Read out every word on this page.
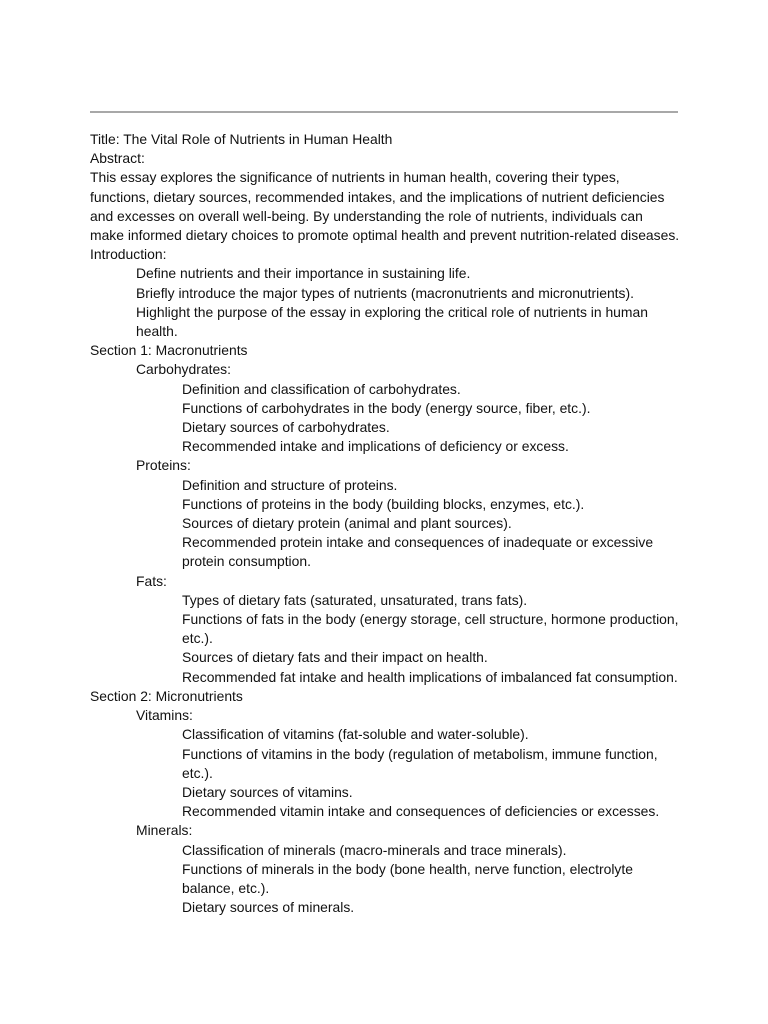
Title: The Vital Role of Nutrients in Human Health

Abstract:

This essay explores the significance of nutrients in human health, covering their types, functions, dietary sources, recommended intakes, and the implications of nutrient deficiencies and excesses on overall well-being. By understanding the role of nutrients, individuals can make informed dietary choices to promote optimal health and prevent nutrition-related diseases.

Introduction:

Define nutrients and their importance in sustaining life.

Briefly introduce the major types of nutrients (macronutrients and micronutrients).

Highlight the purpose of the essay in exploring the critical role of nutrients in human health.

Section 1: Macronutrients

Carbohydrates:

Definition and classification of carbohydrates.

Functions of carbohydrates in the body (energy source, fiber, etc.).

Dietary sources of carbohydrates.

Recommended intake and implications of deficiency or excess.

Proteins:

Definition and structure of proteins.

Functions of proteins in the body (building blocks, enzymes, etc.).

Sources of dietary protein (animal and plant sources).

Recommended protein intake and consequences of inadequate or excessive protein consumption.

Fats:

Types of dietary fats (saturated, unsaturated, trans fats).

Functions of fats in the body (energy storage, cell structure, hormone production, etc.).

Sources of dietary fats and their impact on health.

Recommended fat intake and health implications of imbalanced fat consumption.

Section 2: Micronutrients

Vitamins:

Classification of vitamins (fat-soluble and water-soluble).

Functions of vitamins in the body (regulation of metabolism, immune function, etc.).

Dietary sources of vitamins.

Recommended vitamin intake and consequences of deficiencies or excesses.

Minerals:

Classification of minerals (macro-minerals and trace minerals).

Functions of minerals in the body (bone health, nerve function, electrolyte balance, etc.).

Dietary sources of minerals.
